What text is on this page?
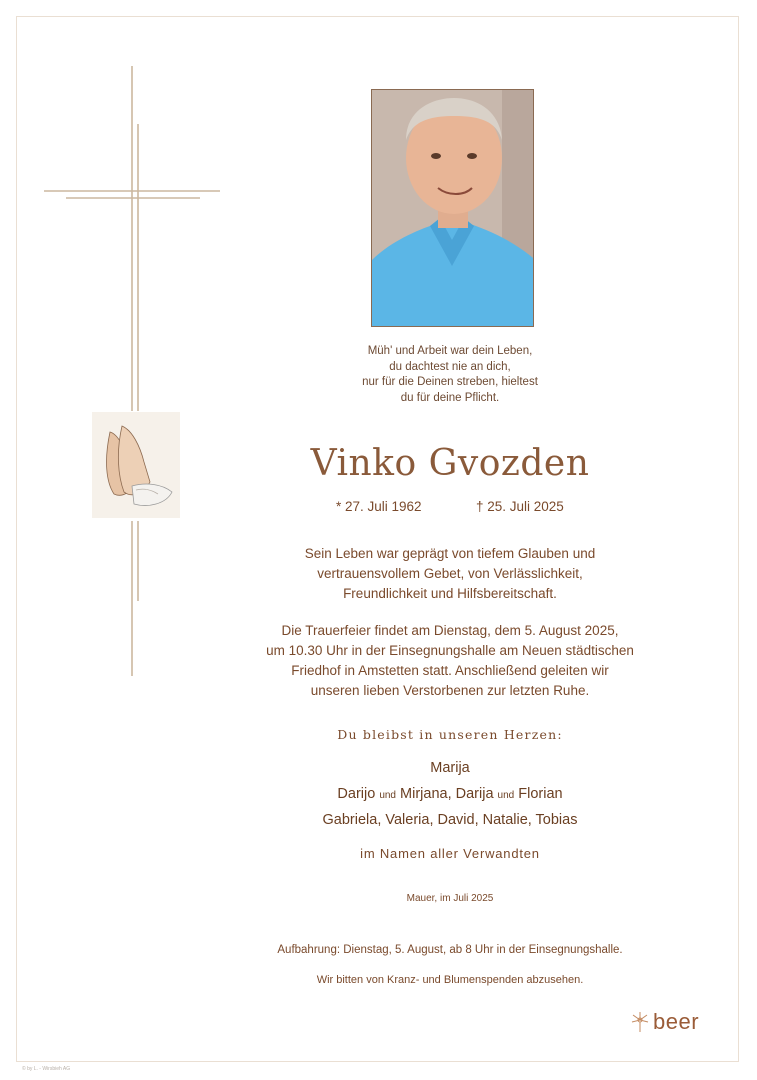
Müh' und Arbeit war dein Leben,
du dachtest nie an dich,
nur für die Deinen streben, hieltest
du für deine Pflicht.
Vinko Gvozden
* 27. Juli 1962	† 25. Juli 2025
Sein Leben war geprägt von tiefem Glauben und
vertrauensvollem Gebet, von Verlässlichkeit,
Freundlichkeit und Hilfsbereitschaft.
Die Trauerfeier findet am Dienstag, dem 5. August 2025,
um 10.30 Uhr in der Einsegnungshalle am Neuen städtischen
Friedhof in Amstetten statt. Anschließend geleiten wir
unseren lieben Verstorbenen zur letzten Ruhe.
Du bleibst in unseren Herzen:
Marija
Darijo und Mirjana, Darija und Florian
Gabriela, Valeria, David, Natalie, Tobias
im Namen aller Verwandten
Mauer, im Juli 2025
Aufbahrung: Dienstag, 5. August, ab 8 Uhr in der Einsegnungshalle.
Wir bitten von Kranz- und Blumenspenden abzusehen.
beer
© by L. - Wirsbieh AG
